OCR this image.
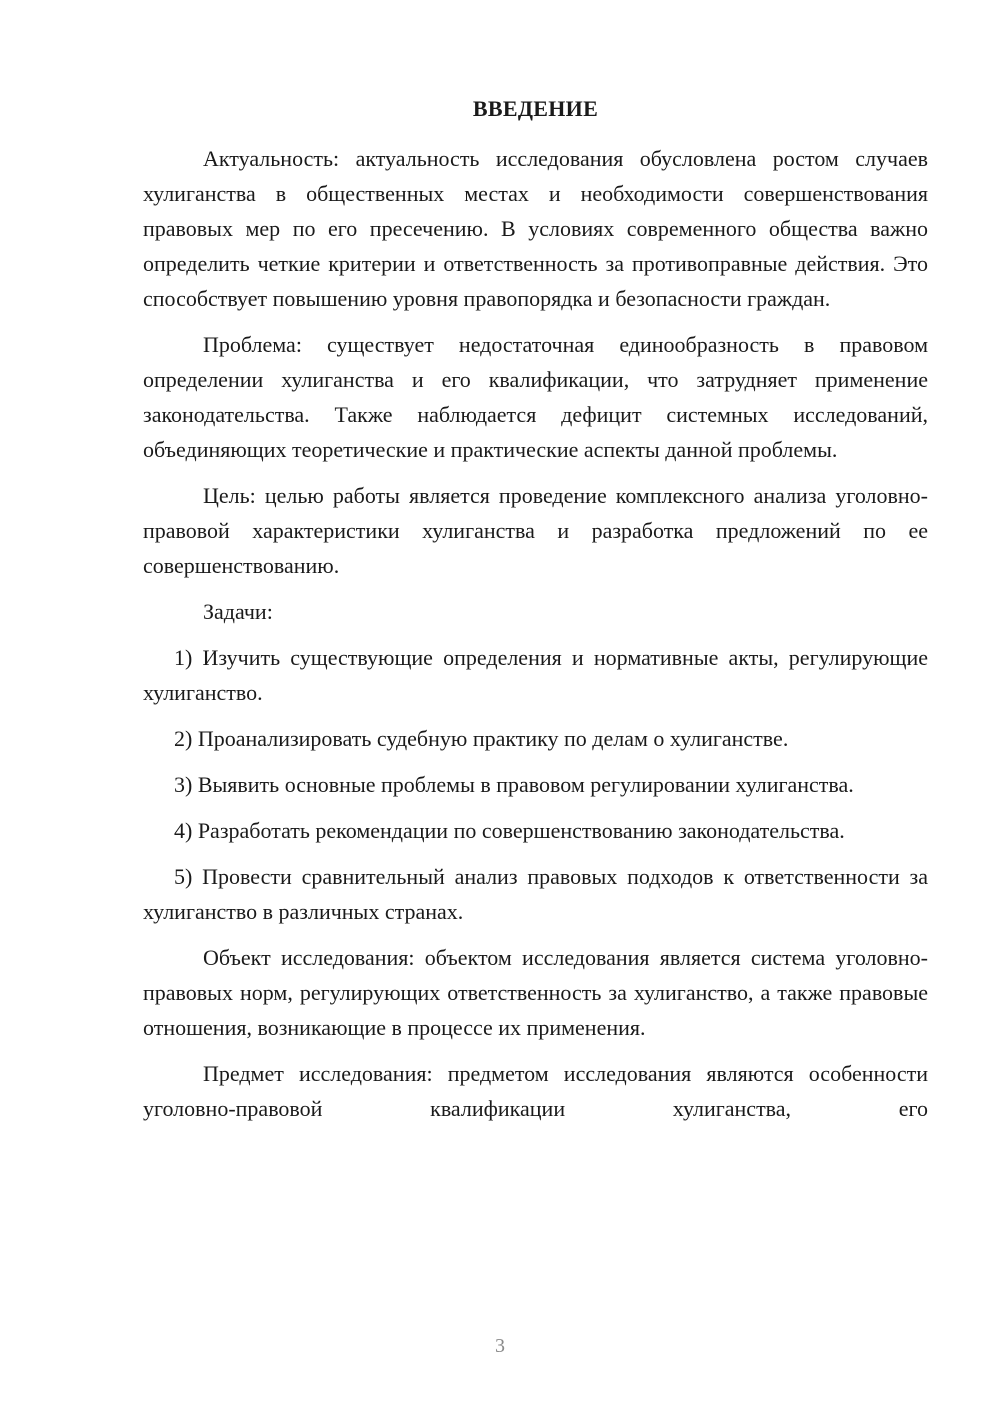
ВВЕДЕНИЕ

Актуальность: актуальность исследования обусловлена ростом случаев хулиганства в общественных местах и необходимости совершенствования правовых мер по его пресечению. В условиях современного общества важно определить четкие критерии и ответственность за противоправные действия. Это способствует повышению уровня правопорядка и безопасности граждан.

Проблема: существует недостаточная единообразность в правовом определении хулиганства и его квалификации, что затрудняет применение законодательства. Также наблюдается дефицит системных исследований, объединяющих теоретические и практические аспекты данной проблемы.

Цель: целью работы является проведение комплексного анализа уголовно-правовой характеристики хулиганства и разработка предложений по ее совершенствованию.

Задачи:

1) Изучить существующие определения и нормативные акты, регулирующие хулиганство.

2) Проанализировать судебную практику по делам о хулиганстве.

3) Выявить основные проблемы в правовом регулировании хулиганства.

4) Разработать рекомендации по совершенствованию законодательства.

5) Провести сравнительный анализ правовых подходов к ответственности за хулиганство в различных странах.

Объект исследования: объектом исследования является система уголовно-правовых норм, регулирующих ответственность за хулиганство, а также правовые отношения, возникающие в процессе их применения.

Предмет исследования: предметом исследования являются особенности уголовно-правовой квалификации хулиганства, его

3
